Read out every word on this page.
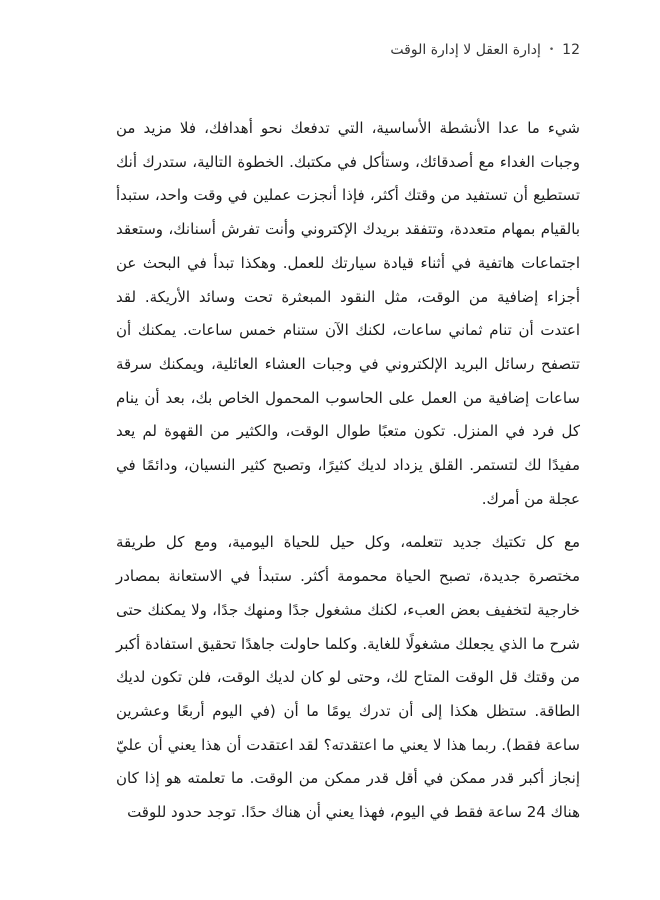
12
•
إدارة العقل لا إدارة الوقت

شيء ما عدا الأنشطة الأساسية، التي تدفعك نحو أهدافك، فلا مزيد من وجبات الغداء مع أصدقائك، وستأكل في مكتبك. الخطوة التالية، ستدرك أنك تستطيع أن تستفيد من وقتك أكثر، فإذا أنجزت عملين في وقت واحد، ستبدأ بالقيام بمهام متعددة، وتتفقد بريدك الإكتروني وأنت تفرش أسنانك، وستعقد اجتماعات هاتفية في أثناء قيادة سيارتك للعمل. وهكذا تبدأ في البحث عن أجزاء إضافية من الوقت، مثل النقود المبعثرة تحت وسائد الأريكة. لقد اعتدت أن تنام ثماني ساعات، لكنك الآن ستنام خمس ساعات. يمكنك أن تتصفح رسائل البريد الإلكتروني في وجبات العشاء العائلية، ويمكنك سرقة ساعات إضافية من العمل على الحاسوب المحمول الخاص بك، بعد أن ينام كل فرد في المنزل. تكون متعبًا طوال الوقت، والكثير من القهوة لم يعد مفيدًا لك لتستمر. القلق يزداد لديك كثيرًا، وتصبح كثير النسيان، ودائمًا في عجلة من أمرك.

مع كل تكتيك جديد تتعلمه، وكل حيل للحياة اليومية، ومع كل طريقة مختصرة جديدة، تصبح الحياة محمومة أكثر. ستبدأ في الاستعانة بمصادر خارجية لتخفيف بعض العبء، لكنك مشغول جدًا ومنهك جدًا، ولا يمكنك حتى شرح ما الذي يجعلك مشغولًا للغاية. وكلما حاولت جاهدًا تحقيق استفادة أكبر من وقتك قل الوقت المتاح لك، وحتى لو كان لديك الوقت، فلن تكون لديك الطاقة. ستظل هكذا إلى أن تدرك يومًا ما أن (في اليوم أربعًا وعشرين ساعة فقط). ربما هذا لا يعني ما اعتقدته؟ لقد اعتقدت أن هذا يعني أن عليّ إنجاز أكبر قدر ممكن في أقل قدر ممكن من الوقت. ما تعلمته هو إذا كان هناك 24 ساعة فقط في اليوم، فهذا يعني أن هناك حدًا. توجد حدود للوقت
